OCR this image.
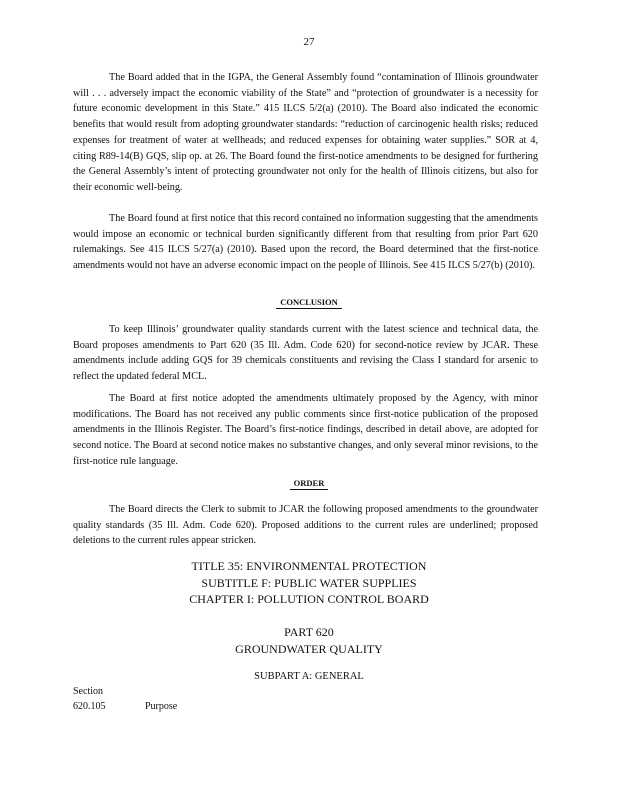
27

The Board added that in the IGPA, the General Assembly found “contamination of Illinois groundwater will . . . adversely impact the economic viability of the State” and “protection of groundwater is a necessity for future economic development in this State.” 415 ILCS 5/2(a) (2010). The Board also indicated the economic benefits that would result from adopting groundwater standards: “reduction of carcinogenic health risks; reduced expenses for treatment of water at wellheads; and reduced expenses for obtaining water supplies.” SOR at 4, citing R89-14(B) GQS, slip op. at 26. The Board found the first-notice amendments to be designed for furthering the General Assembly’s intent of protecting groundwater not only for the health of Illinois citizens, but also for their economic well-being.

The Board found at first notice that this record contained no information suggesting that the amendments would impose an economic or technical burden significantly different from that resulting from prior Part 620 rulemakings. See 415 ILCS 5/27(a) (2010). Based upon the record, the Board determined that the first-notice amendments would not have an adverse economic impact on the people of Illinois. See 415 ILCS 5/27(b) (2010).

CONCLUSION

To keep Illinois’ groundwater quality standards current with the latest science and technical data, the Board proposes amendments to Part 620 (35 Ill. Adm. Code 620) for second-notice review by JCAR. These amendments include adding GQS for 39 chemicals constituents and revising the Class I standard for arsenic to reflect the updated federal MCL.

The Board at first notice adopted the amendments ultimately proposed by the Agency, with minor modifications. The Board has not received any public comments since first-notice publication of the proposed amendments in the Illinois Register. The Board’s first-notice findings, described in detail above, are adopted for second notice. The Board at second notice makes no substantive changes, and only several minor revisions, to the first-notice rule language.

ORDER

The Board directs the Clerk to submit to JCAR the following proposed amendments to the groundwater quality standards (35 Ill. Adm. Code 620). Proposed additions to the current rules are underlined; proposed deletions to the current rules appear stricken.

TITLE 35: ENVIRONMENTAL PROTECTION
SUBTITLE F: PUBLIC WATER SUPPLIES
CHAPTER I: POLLUTION CONTROL BOARD
PART 620
GROUNDWATER QUALITY
SUBPART A: GENERAL
Section
620.105	Purpose
